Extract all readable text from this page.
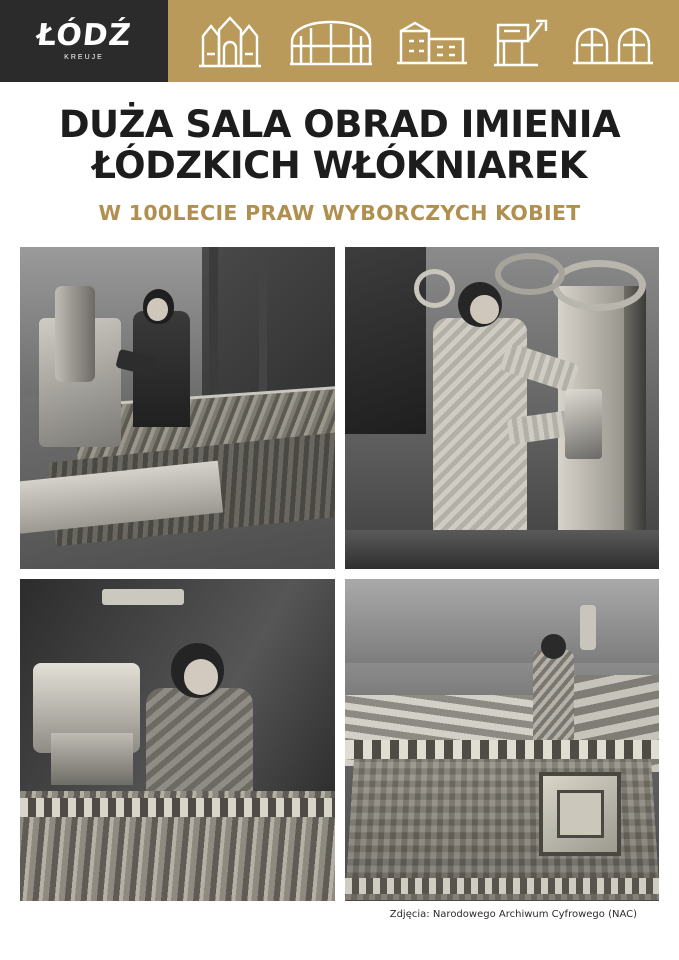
ŁÓDŹ
KREUJE
DUŻA SALA OBRAD IMIENIA
ŁÓDZKICH WŁÓKNIAREK
W 100LECIE PRAW WYBORCZYCH KOBIET
Zdjęcia: Narodowego Archiwum Cyfrowego (NAC)
